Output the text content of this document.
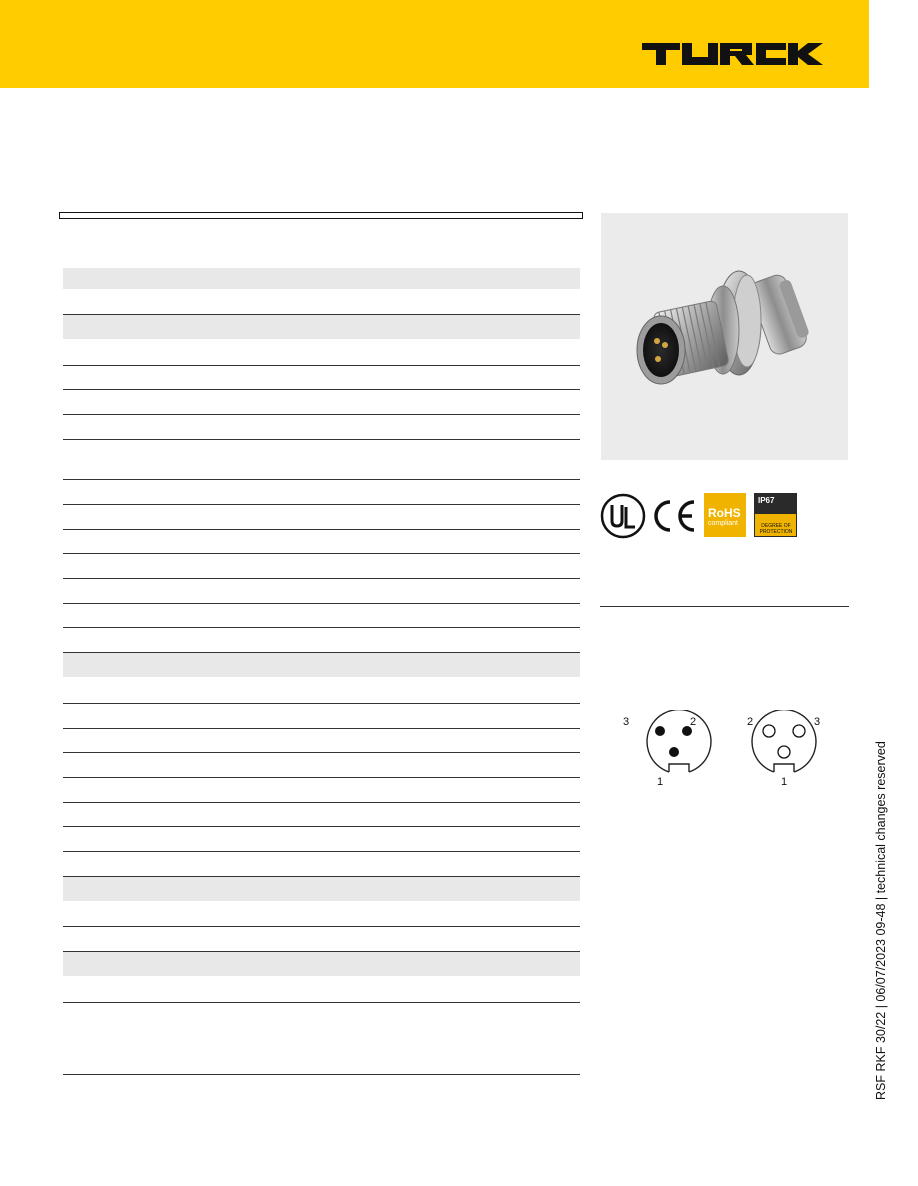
RSF RKF 30/22 | 06/07/2023 09-48 | technical changes reserved
RoHS
compliant
IP67
DEGREE OF PROTECTION
3	2
1
2	3
1
